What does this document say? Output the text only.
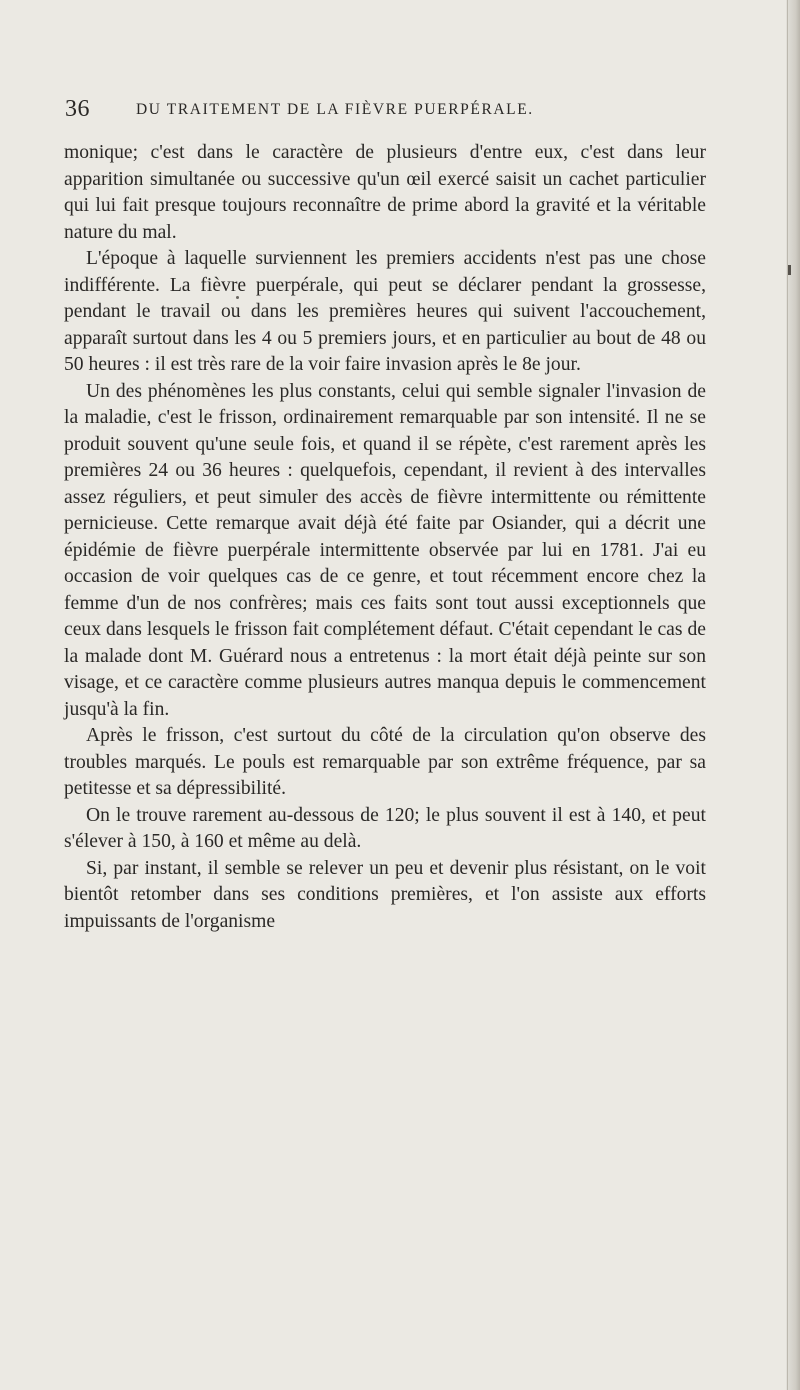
36	DU TRAITEMENT DE LA FIÈVRE PUERPÉRALE.

monique; c'est dans le caractère de plusieurs d'entre eux, c'est dans leur apparition simultanée ou successive qu'un œil exercé saisit un cachet particulier qui lui fait presque toujours reconnaître de prime abord la gravité et la véritable nature du mal.

L'époque à laquelle surviennent les premiers accidents n'est pas une chose indifférente. La fièvre puerpérale, qui peut se déclarer pendant la grossesse, pendant le travail ou dans les premières heures qui suivent l'accouchement, apparaît surtout dans les 4 ou 5 premiers jours, et en particulier au bout de 48 ou 50 heures : il est très rare de la voir faire invasion après le 8e jour.

Un des phénomènes les plus constants, celui qui semble signaler l'invasion de la maladie, c'est le frisson, ordinairement remarquable par son intensité. Il ne se produit souvent qu'une seule fois, et quand il se répète, c'est rarement après les premières 24 ou 36 heures : quelquefois, cependant, il revient à des intervalles assez réguliers, et peut simuler des accès de fièvre intermittente ou rémittente pernicieuse. Cette remarque avait déjà été faite par Osiander, qui a décrit une épidémie de fièvre puerpérale intermittente observée par lui en 1781. J'ai eu occasion de voir quelques cas de ce genre, et tout récemment encore chez la femme d'un de nos confrères; mais ces faits sont tout aussi exceptionnels que ceux dans lesquels le frisson fait complétement défaut. C'était cependant le cas de la malade dont M. Guérard nous a entretenus : la mort était déjà peinte sur son visage, et ce caractère comme plusieurs autres manqua depuis le commencement jusqu'à la fin.

Après le frisson, c'est surtout du côté de la circulation qu'on observe des troubles marqués. Le pouls est remarquable par son extrême fréquence, par sa petitesse et sa dépressibilité.

On le trouve rarement au-dessous de 120; le plus souvent il est à 140, et peut s'élever à 150, à 160 et même au delà.

Si, par instant, il semble se relever un peu et devenir plus résistant, on le voit bientôt retomber dans ses conditions premières, et l'on assiste aux efforts impuissants de l'organisme
